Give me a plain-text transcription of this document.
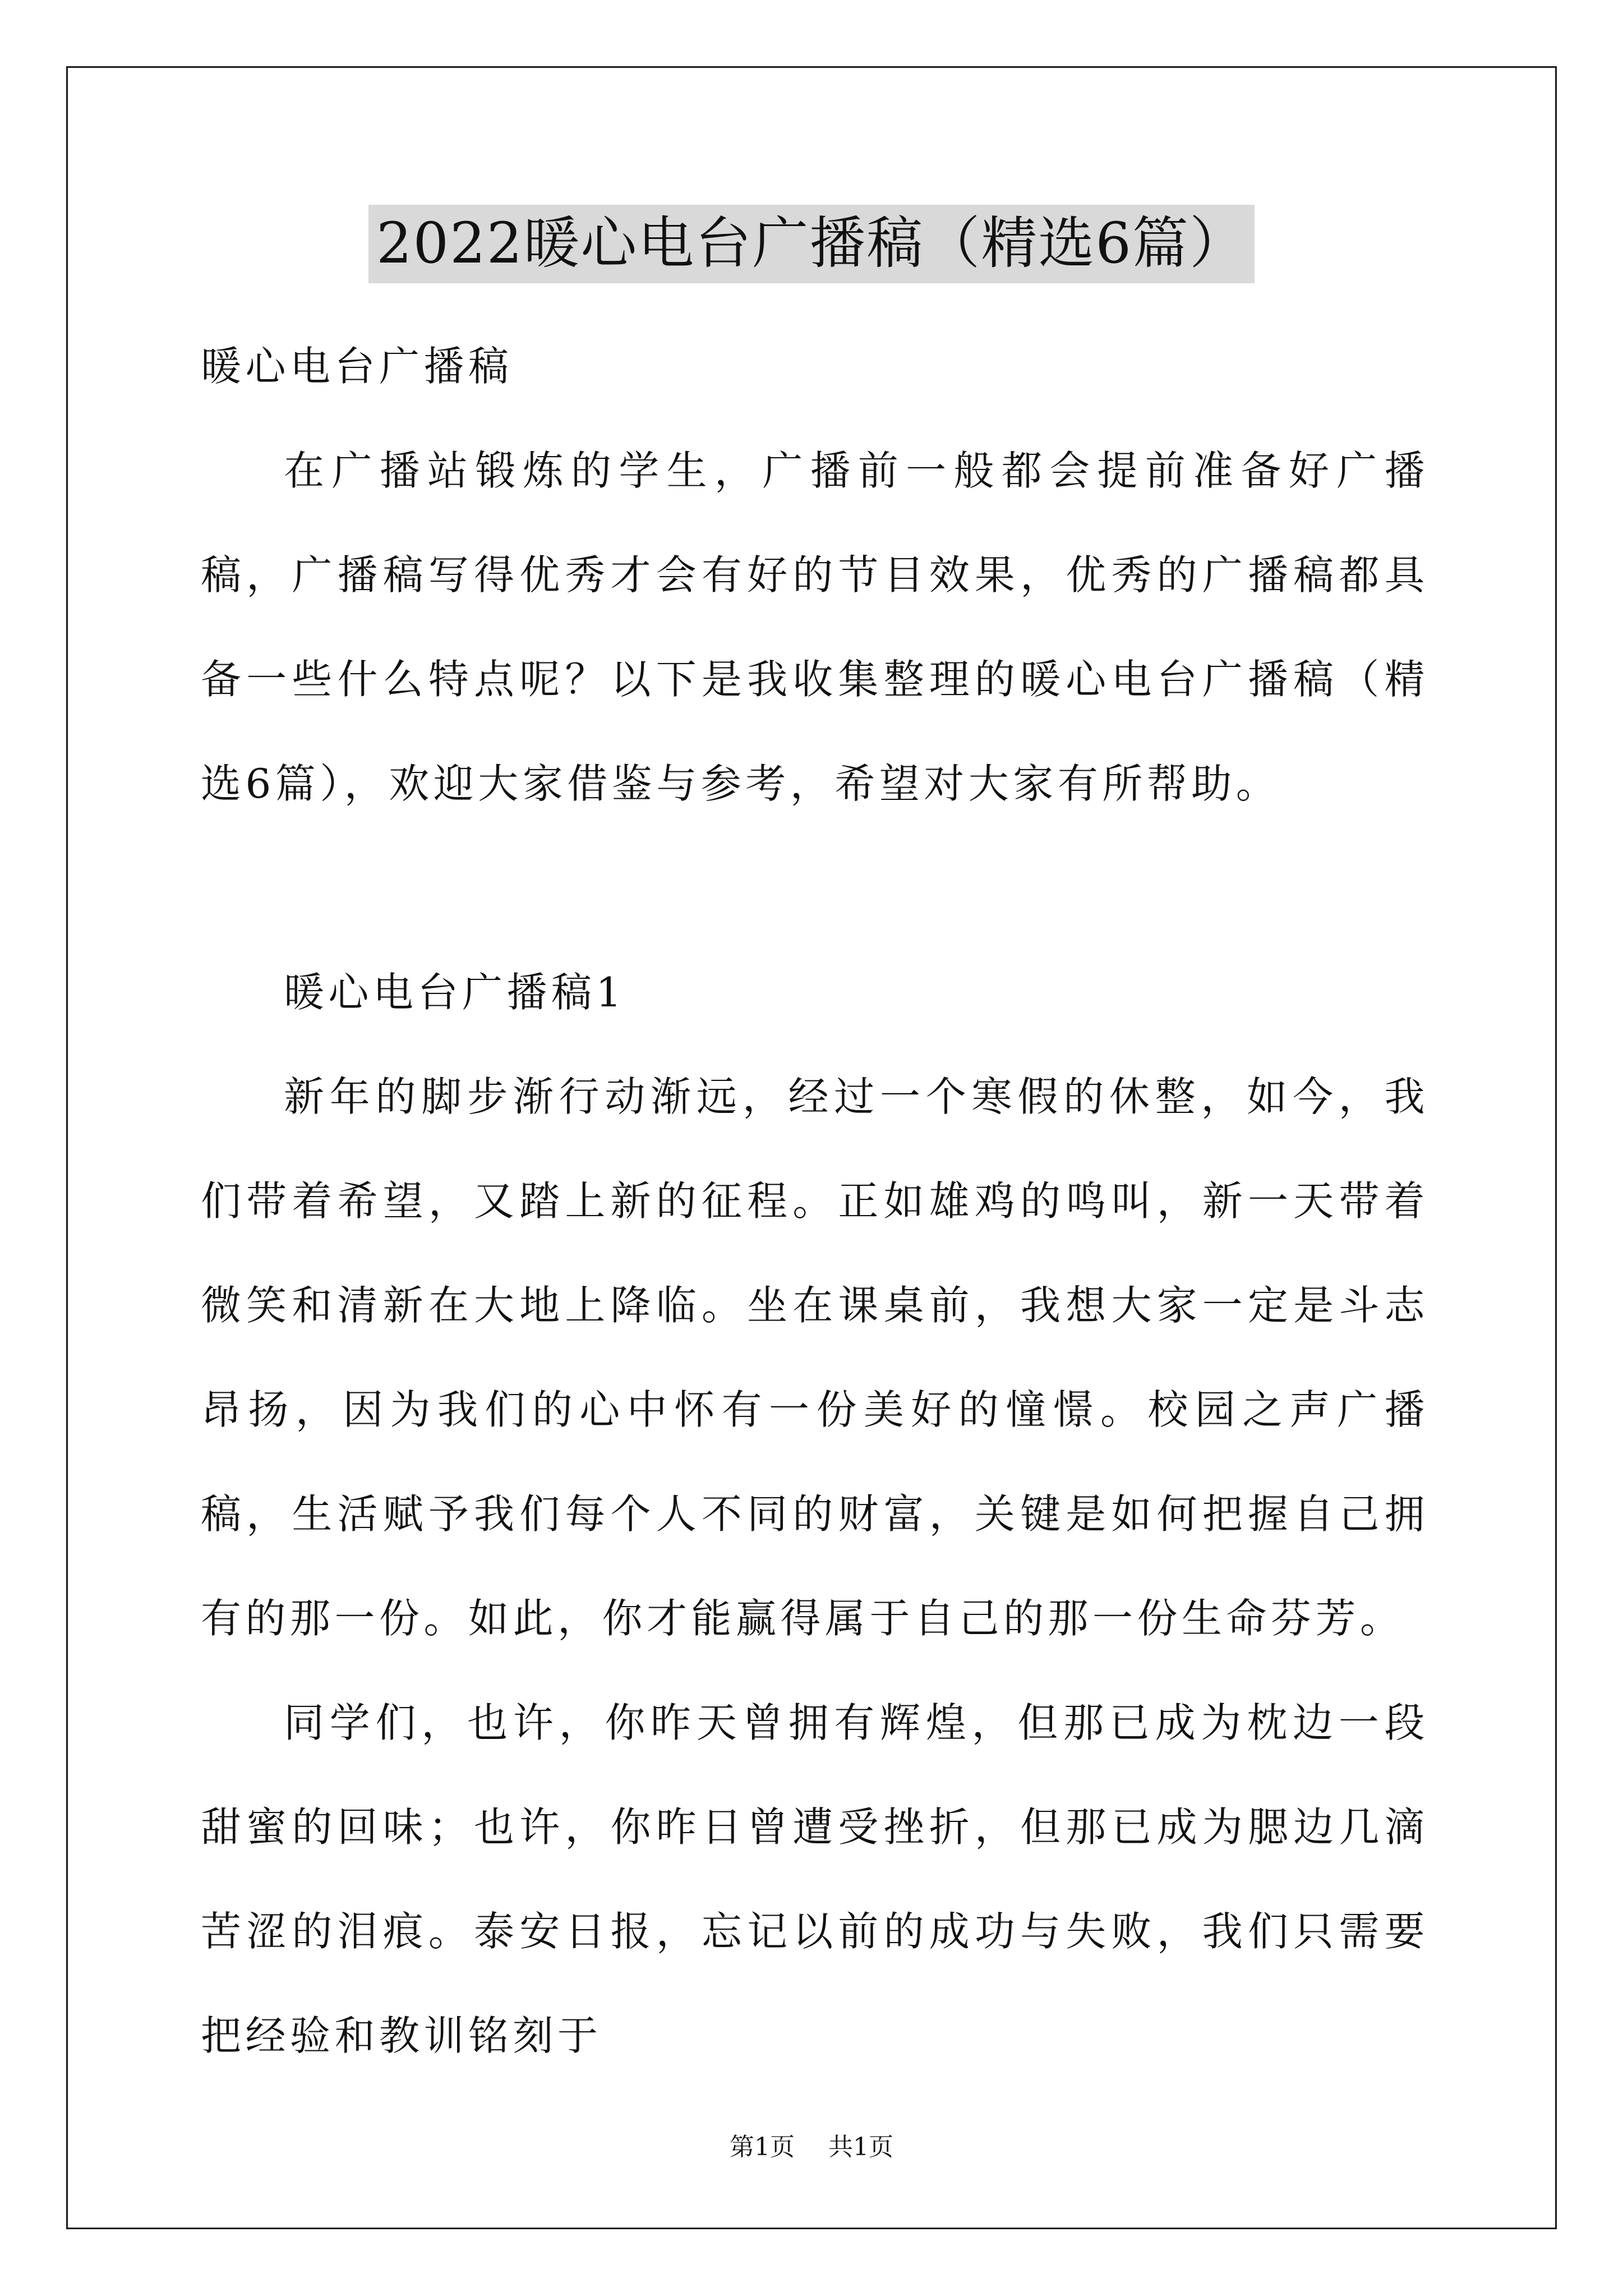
2022暖心电台广播稿（精选6篇）

暖心电台广播稿

在广播站锻炼的学生，广播前一般都会提前准备好广播稿，广播稿写得优秀才会有好的节目效果，优秀的广播稿都具备一些什么特点呢？以下是我收集整理的暖心电台广播稿（精选6篇），欢迎大家借鉴与参考，希望对大家有所帮助。

暖心电台广播稿1

新年的脚步渐行动渐远，经过一个寒假的休整，如今，我们带着希望，又踏上新的征程。正如雄鸡的鸣叫，新一天带着微笑和清新在大地上降临。坐在课桌前，我想大家一定是斗志昂扬，因为我们的心中怀有一份美好的憧憬。校园之声广播稿，生活赋予我们每个人不同的财富，关键是如何把握自己拥有的那一份。如此，你才能赢得属于自己的那一份生命芬芳。

同学们，也许，你昨天曾拥有辉煌，但那已成为枕边一段甜蜜的回味；也许，你昨日曾遭受挫折，但那已成为腮边几滴苦涩的泪痕。泰安日报，忘记以前的成功与失败，我们只需要把经验和教训铭刻于

第1页 共1页
